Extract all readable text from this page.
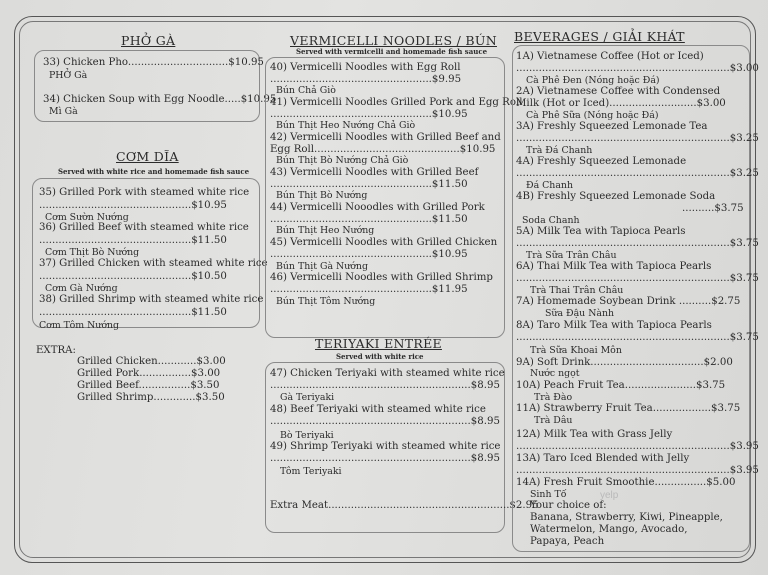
PHỞ GÀ
33) Chicken Pho...............................$10.95
PHỞ Gà
34) Chicken Soup with Egg Noodle.....$10.95
Mì Gà
CƠM DĨA
Served with white rice and homemade fish sauce
35) Grilled Pork with steamed white rice
...............................................$10.95
Cơm Sườn Nướng
36) Grilled Beef with steamed white rice
...............................................$11.50
Cơm Thịt Bò Nướng
37) Grilled Chicken with steamed white rice
...............................................$10.50
Cơm Gà Nướng
38) Grilled Shrimp with steamed white rice
...............................................$11.50
Cơm Tôm Nướng
EXTRA:
Grilled Chicken............$3.00
Grilled Pork................$3.00
Grilled Beef................$3.50
Grilled Shrimp.............$3.50
VERMICELLI NOODLES / BÚN
Served with vermicelli and homemade fish sauce
40) Vermicelli Noodles with Egg Roll
..................................................$9.95
Bún Chả Giò
41) Vermicelli Noodles Grilled Pork and Egg Roll
..................................................$10.95
Bún Thịt Heo Nướng Chả Giò
42) Vermicelli Noodles with Grilled Beef and
Egg Roll.............................................$10.95
Bún Thịt Bò Nướng Chả Giò
43) Vermicelli Noodles with Grilled Beef
..................................................$11.50
Bún Thịt Bò Nướng
44) Vermicelli Nooodles with Grilled Pork
..................................................$11.50
Bún Thịt Heo Nướng
45) Vermicelli Noodles with Grilled Chicken
..................................................$10.95
Bún Thịt Gà Nướng
46) Vermicelli Noodles with Grilled Shrimp
..................................................$11.95
Bún Thịt Tôm Nướng
TERIYAKI ENTRÉE
Served with white rice
47) Chicken Teriyaki with steamed white rice
..............................................................$8.95
Gà Teriyaki
48) Beef Teriyaki with steamed white rice
..............................................................$8.95
Bò Teriyaki
49) Shrimp Teriyaki with steamed white rice
..............................................................$8.95
Tôm Teriyaki
Extra Meat........................................................$2.95
BEVERAGES / GIẢI KHÁT
1A) Vietnamese Coffee (Hot or Iced)
..................................................................$3.00
Cà Phê Đen (Nóng hoặc Đá)
2A) Vietnamese Coffee with Condensed
Milk (Hot or Iced)...........................$3.00
Cà Phê Sữa (Nóng hoặc Đá)
3A) Freshly Squeezed Lemonade Tea
..................................................................$3.25
Trà Đá Chanh
4A) Freshly Squeezed Lemonade
..................................................................$3.25
Đá Chanh
4B) Freshly Squeezed Lemonade Soda
..........$3.75
Soda Chanh
5A) Milk Tea with Tapioca Pearls
..................................................................$3.75
Trà Sữa Trân Châu
6A) Thai Milk Tea with Tapioca Pearls
..................................................................$3.75
Trà Thai Trân Châu
7A) Homemade Soybean Drink ..........$2.75
Sữa Đậu Nành
8A) Taro Milk Tea with Tapioca Pearls
..................................................................$3.75
Trà Sữa Khoai Môn
9A) Soft Drink...................................$2.00
Nước ngọt
10A) Peach Fruit Tea......................$3.75
Trà Đào
11A) Strawberry Fruit Tea..................$3.75
Trà Dâu
12A) Milk Tea with Grass Jelly
..................................................................$3.95
13A) Taro Iced Blended with Jelly
..................................................................$3.95
14A) Fresh Fruit Smoothie................$5.00
Sinh Tố
Your choice of:
Banana, Strawberry, Kiwi, Pineapple,
Watermelon, Mango, Avocado,
Papaya, Peach
yelp
